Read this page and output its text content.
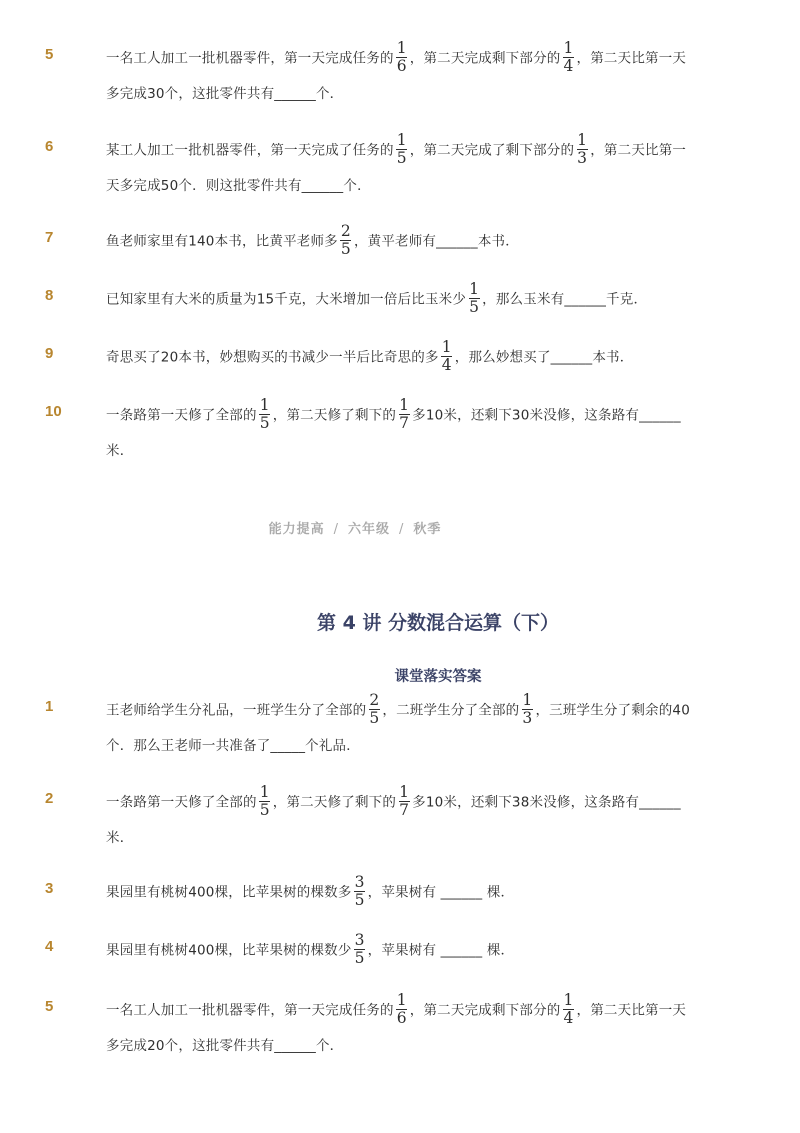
5	一名工人加工一批机器零件，第一天完成任务的 $\frac{1}{6}$ ，第二天完成剩下部分的 $\frac{1}{4}$ ，第二天比第一天
多完成30个，这批零件共有______个．
6	某工人加工一批机器零件，第一天完成了任务的 $\frac{1}{5}$ ，第二天完成了剩下部分的 $\frac{1}{3}$ ，第二天比第一
天多完成50个．则这批零件共有______个．
7	鱼老师家里有140本书，比黄平老师多 $\frac{2}{5}$ ，黄平老师有______本书．
8	已知家里有大米的质量为15千克，大米增加一倍后比玉米少 $\frac{1}{5}$ ，那么玉米有______千克．
9	奇思买了20本书，妙想购买的书减少一半后比奇思的多 $\frac{1}{4}$ ，那么妙想买了______本书．
10	一条路第一天修了全部的 $\frac{1}{5}$ ，第二天修了剩下的 $\frac{1}{7}$ 多10米，还剩下30米没修，这条路有______
米．
能力提高 / 六年级 / 秋季
第 4 讲 分数混合运算（下）
课堂落实答案
1	王老师给学生分礼品，一班学生分了全部的 $\frac{2}{5}$ ，二班学生分了全部的 $\frac{1}{3}$ ，三班学生分了剩余的40
个．那么王老师一共准备了_____个礼品．
2	一条路第一天修了全部的 $\frac{1}{5}$ ，第二天修了剩下的 $\frac{1}{7}$ 多10米，还剩下38米没修，这条路有______
米．
3	果园里有桃树400棵，比苹果树的棵数多 $\frac{3}{5}$ ，苹果树有 ______ 棵．
4	果园里有桃树400棵，比苹果树的棵数少 $\frac{3}{5}$ ，苹果树有 ______ 棵．
5	一名工人加工一批机器零件，第一天完成任务的 $\frac{1}{6}$ ，第二天完成剩下部分的 $\frac{1}{4}$ ，第二天比第一天
多完成20个，这批零件共有______个．
